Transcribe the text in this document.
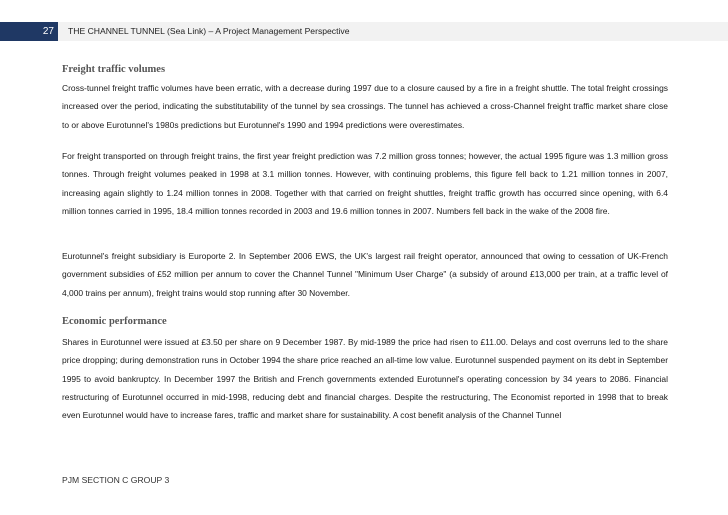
27	THE CHANNEL TUNNEL (Sea Link) – A Project Management Perspective
Freight traffic volumes

Cross-tunnel freight traffic volumes have been erratic, with a decrease during 1997 due to a closure caused by a fire in a freight shuttle. The total freight crossings increased over the period, indicating the substitutability of the tunnel by sea crossings. The tunnel has achieved a cross-Channel freight traffic market share close to or above Eurotunnel's 1980s predictions but Eurotunnel's 1990 and 1994 predictions were overestimates.

For freight transported on through freight trains, the first year freight prediction was 7.2 million gross tonnes; however, the actual 1995 figure was 1.3 million gross tonnes. Through freight volumes peaked in 1998 at 3.1 million tonnes. However, with continuing problems, this figure fell back to 1.21 million tonnes in 2007, increasing again slightly to 1.24 million tonnes in 2008. Together with that carried on freight shuttles, freight traffic growth has occurred since opening, with 6.4 million tonnes carried in 1995, 18.4 million tonnes recorded in 2003 and 19.6 million tonnes in 2007. Numbers fell back in the wake of the 2008 fire.

Eurotunnel's freight subsidiary is Europorte 2. In September 2006 EWS, the UK's largest rail freight operator, announced that owing to cessation of UK-French government subsidies of £52 million per annum to cover the Channel Tunnel "Minimum User Charge" (a subsidy of around £13,000 per train, at a traffic level of 4,000 trains per annum), freight trains would stop running after 30 November.

Economic performance

Shares in Eurotunnel were issued at £3.50 per share on 9 December 1987. By mid-1989 the price had risen to £11.00. Delays and cost overruns led to the share price dropping; during demonstration runs in October 1994 the share price reached an all-time low value. Eurotunnel suspended payment on its debt in September 1995 to avoid bankruptcy. In December 1997 the British and French governments extended Eurotunnel's operating concession by 34 years to 2086. Financial restructuring of Eurotunnel occurred in mid-1998, reducing debt and financial charges. Despite the restructuring, The Economist reported in 1998 that to break even Eurotunnel would have to increase fares, traffic and market share for sustainability. A cost benefit analysis of the Channel Tunnel

PJM SECTION C GROUP 3
